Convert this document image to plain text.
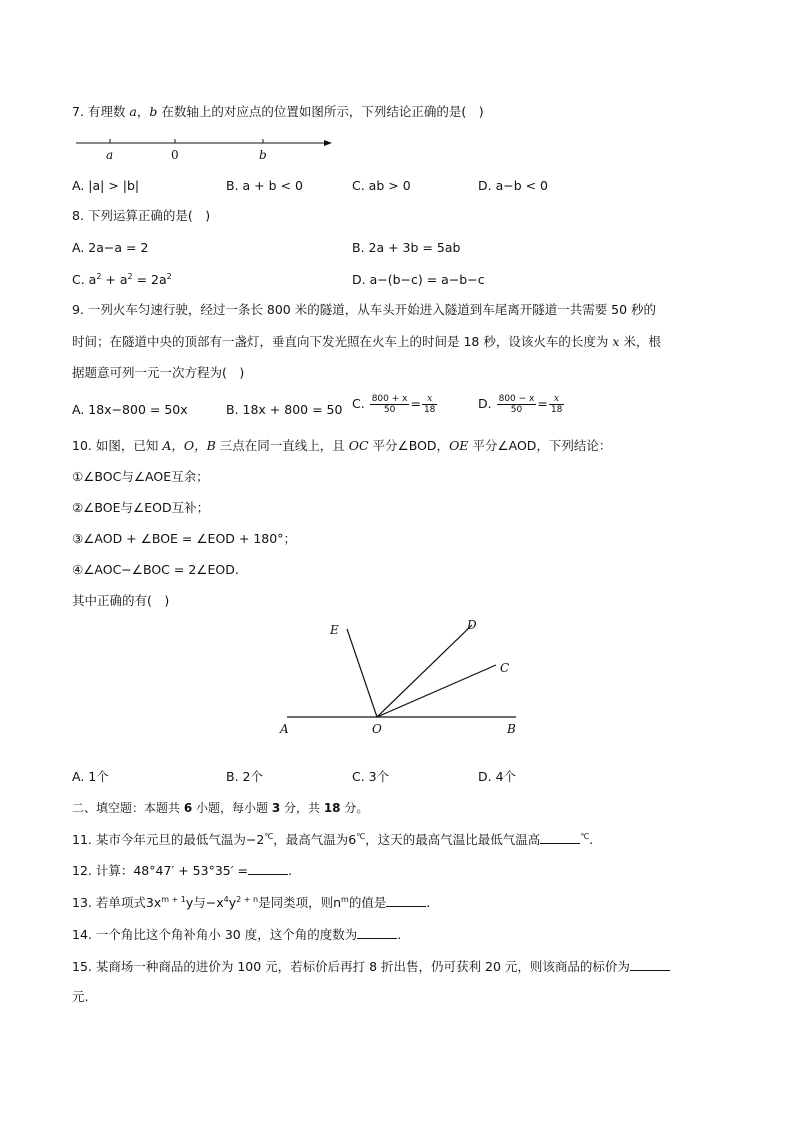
7. 有理数 a，b 在数轴上的对应点的位置如图所示，下列结论正确的是(　)
a	0	b
A. |a| > |b|	B. a + b < 0	C. ab > 0	D. a−b < 0
8. 下列运算正确的是(　)
A. 2a−a = 2	B. 2a + 3b = 5ab
C. $a^2 + a^2 = 2a^2$	D. a−(b−c) = a−b−c
9. 一列火车匀速行驶，经过一条长 800 米的隧道，从车头开始进入隧道到车尾离开隧道一共需要 50 秒的
时间；在隧道中央的顶部有一盏灯，垂直向下发光照在火车上的时间是 18 秒，设该火车的长度为 x 米，根
据题意可列一元一次方程为(　)
A. 18x−800 = 50x	B. 18x + 800 = 50 C. $\frac{800 + x}{50} = \frac{x}{18}$	D. $\frac{800 - x}{50} = \frac{x}{18}$
10. 如图，已知 A，O，B 三点在同一直线上，且 OC 平分∠BOD，OE 平分∠AOD，下列结论：
①∠BOC与∠AOE互余；
②∠BOE与∠EOD互补；
③∠AOD + ∠BOE = ∠EOD + 180°；
④∠AOC−∠BOC = 2∠EOD.
其中正确的有(　)
E	D
C
A	O	B
A. 1个	B. 2个	C. 3个	D. 4个
二、填空题：本题共 6 小题，每小题 3 分，共 18 分。
11. 某市今年元旦的最低气温为−2℃，最高气温为6℃，这天的最高气温比最低气温高	℃.
12. 计算：48°47′ + 53°35′ =	.
13. 若单项式$3x^{m + 1}y$与$-x^4y^{2 + n}$是同类项，则$n^m$的值是	.
14. 一个角比这个角补角小 30 度，这个角的度数为	.
15. 某商场一种商品的进价为 100 元，若标价后再打 8 折出售，仍可获利 20 元，则该商品的标价为
元.
